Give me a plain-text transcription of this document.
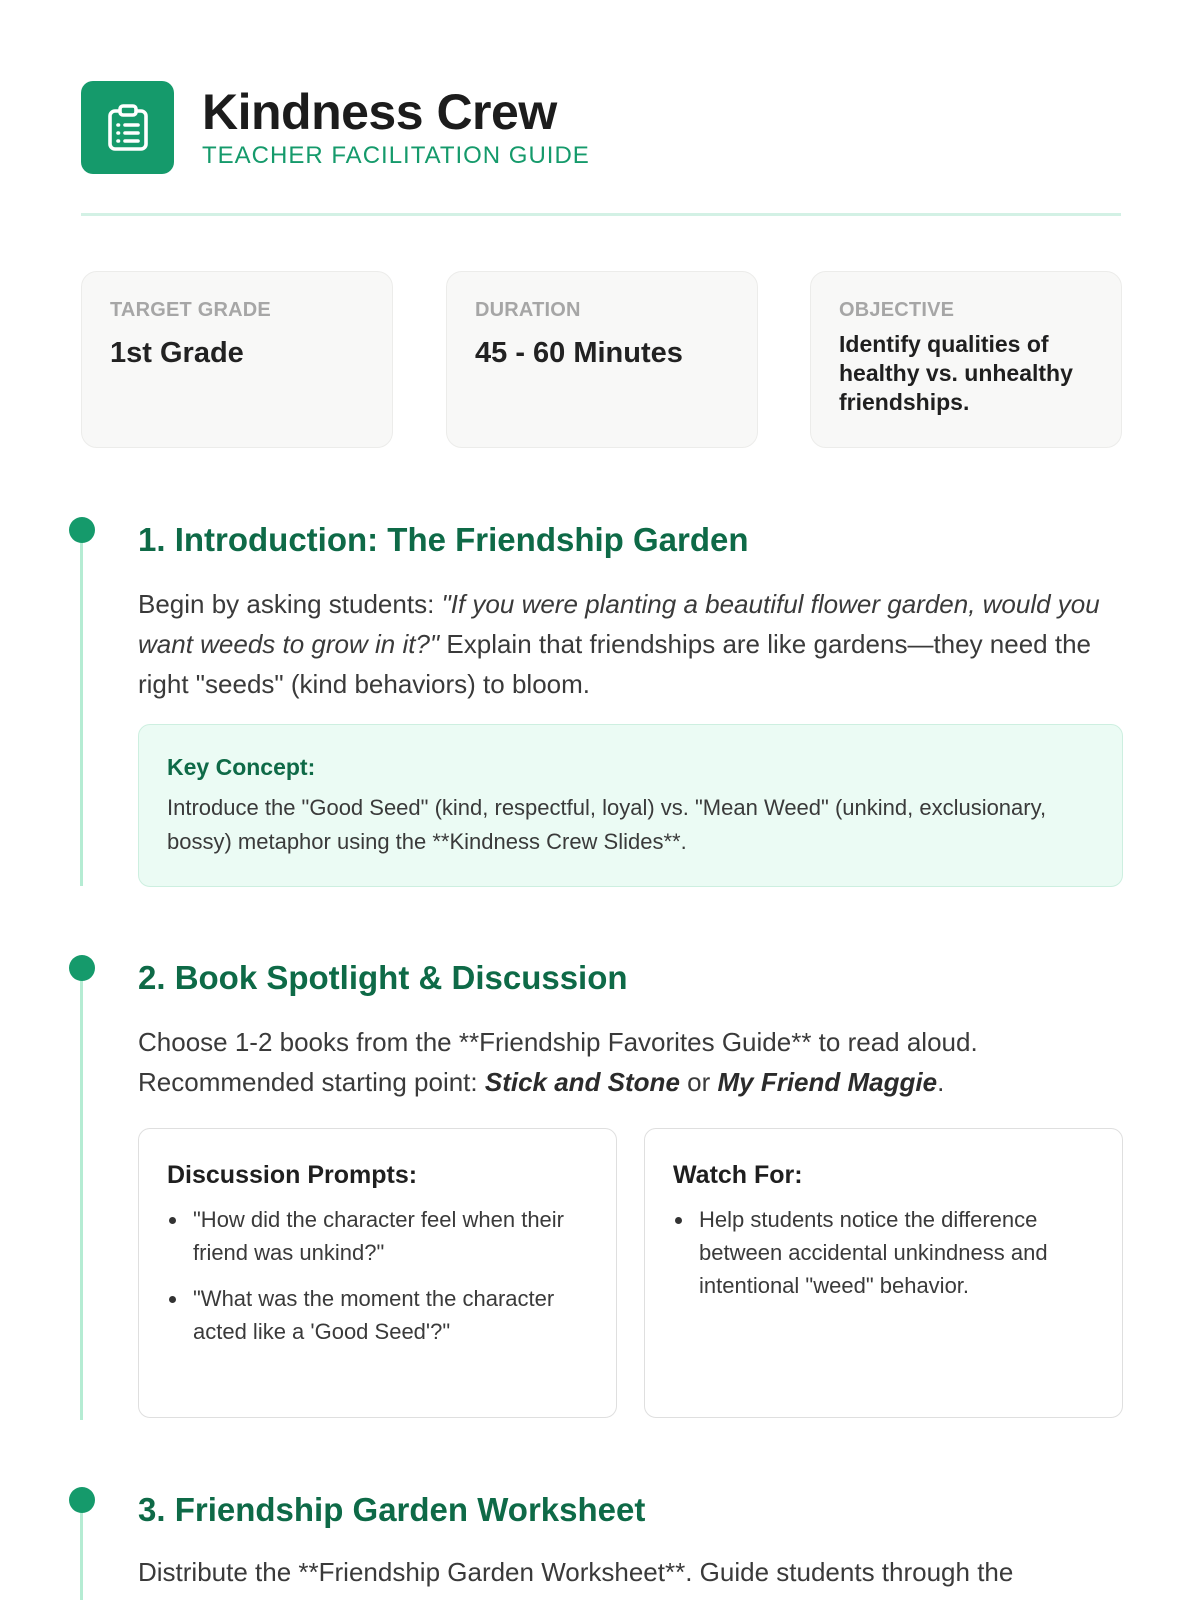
Kindness Crew
TEACHER FACILITATION GUIDE
TARGET GRADE
1st Grade
DURATION
45 - 60 Minutes
OBJECTIVE
Identify qualities of healthy vs. unhealthy friendships.
1. Introduction: The Friendship Garden
Begin by asking students: "If you were planting a beautiful flower garden, would you want weeds to grow in it?" Explain that friendships are like gardens—they need the right "seeds" (kind behaviors) to bloom.
Key Concept:
Introduce the "Good Seed" (kind, respectful, loyal) vs. "Mean Weed" (unkind, exclusionary, bossy) metaphor using the **Kindness Crew Slides**.
2. Book Spotlight & Discussion
Choose 1-2 books from the **Friendship Favorites Guide** to read aloud. Recommended starting point: Stick and Stone or My Friend Maggie.
Discussion Prompts:
"How did the character feel when their friend was unkind?"
"What was the moment the character acted like a 'Good Seed'?"
Watch For:
Help students notice the difference between accidental unkindness and intentional "weed" behavior.
3. Friendship Garden Worksheet
Distribute the **Friendship Garden Worksheet**. Guide students through the
